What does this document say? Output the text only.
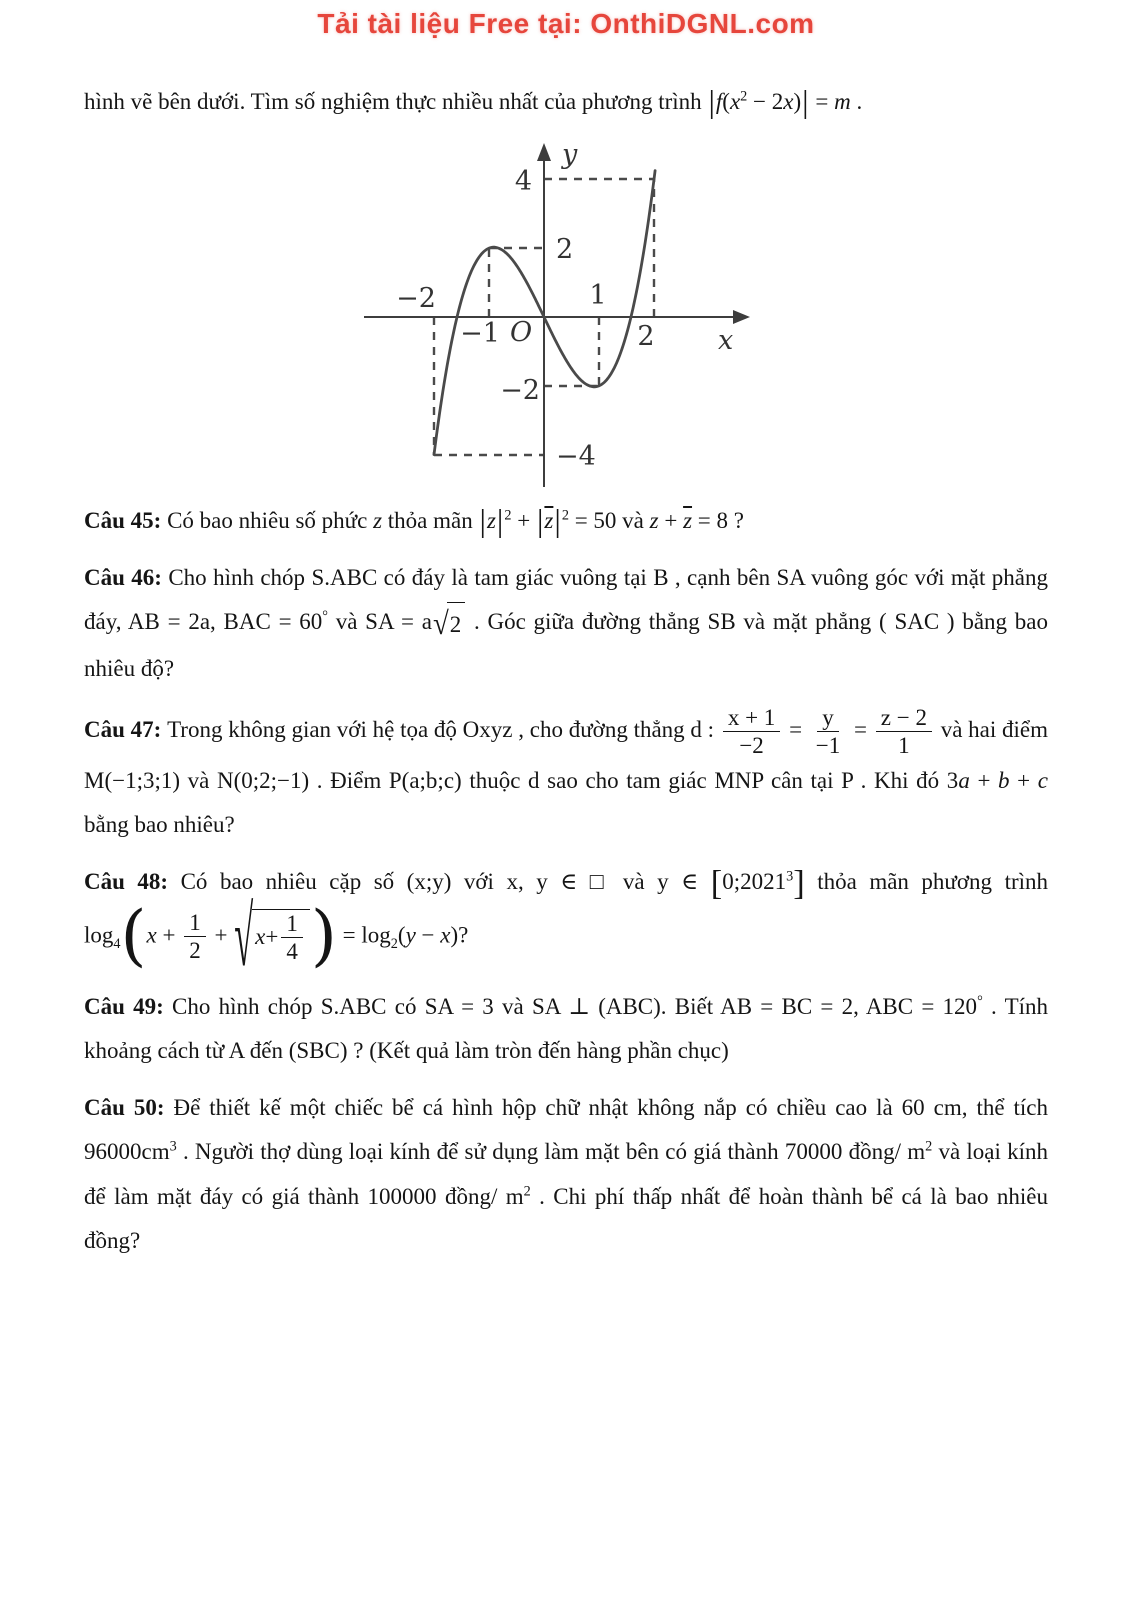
Tải tài liệu Free tại: OnthiDGNL.com

hình vẽ bên dưới. Tìm số nghiệm thực nhiều nhất của phương trình $|f(x^2 - 2x)| = m$ .

y
x
O
4
2
−2
−4
−2
−1
1
2

Câu 45: Có bao nhiêu số phức z thỏa mãn $|z|^2 + |\overline{z}|^2 = 50$ và $z + \overline{z} = 8$ ?

Câu 46: Cho hình chóp S.ABC có đáy là tam giác vuông tại B , cạnh bên SA vuông góc với mặt phẳng đáy, AB = 2a, BAC = 60° và SA = a √ 2 . Góc giữa đường thẳng SB và mặt phẳng ( SAC ) bằng bao nhiêu độ?

Câu 47: Trong không gian với hệ tọa độ Oxyz , cho đường thẳng d : $\frac{x + 1}{-2} = \frac{y}{-1} = \frac{z - 2}{1}$ và hai điểm M(−1;3;1) và N(0;2;−1) . Điểm P(a;b;c) thuộc d sao cho tam giác MNP cân tại P . Khi đó 3a + b + c bằng bao nhiêu?

Câu 48: Có bao nhiêu cặp số (x;y) với x, y ∈ □ và y ∈ [0;2021$^3$] thỏa mãn phương trình

$\log_4(x + \frac{1}{2}$ + √ $x + \frac{1}{4}$ ) = $\log_2(y - x)$?

Câu 49: Cho hình chóp S.ABC có SA = 3 và SA ⊥ (ABC). Biết AB = BC = 2, ABC = 120° . Tính khoảng cách từ A đến (SBC) ? (Kết quả làm tròn đến hàng phần chục)

Câu 50: Để thiết kế một chiếc bể cá hình hộp chữ nhật không nắp có chiều cao là 60 cm, thể tích $96000cm^3$ . Người thợ dùng loại kính để sử dụng làm mặt bên có giá thành 70000 đồng/ $m^2$ và loại kính để làm mặt đáy có giá thành 100000 đồng/ $m^2$ . Chi phí thấp nhất để hoàn thành bể cá là bao nhiêu đồng?
